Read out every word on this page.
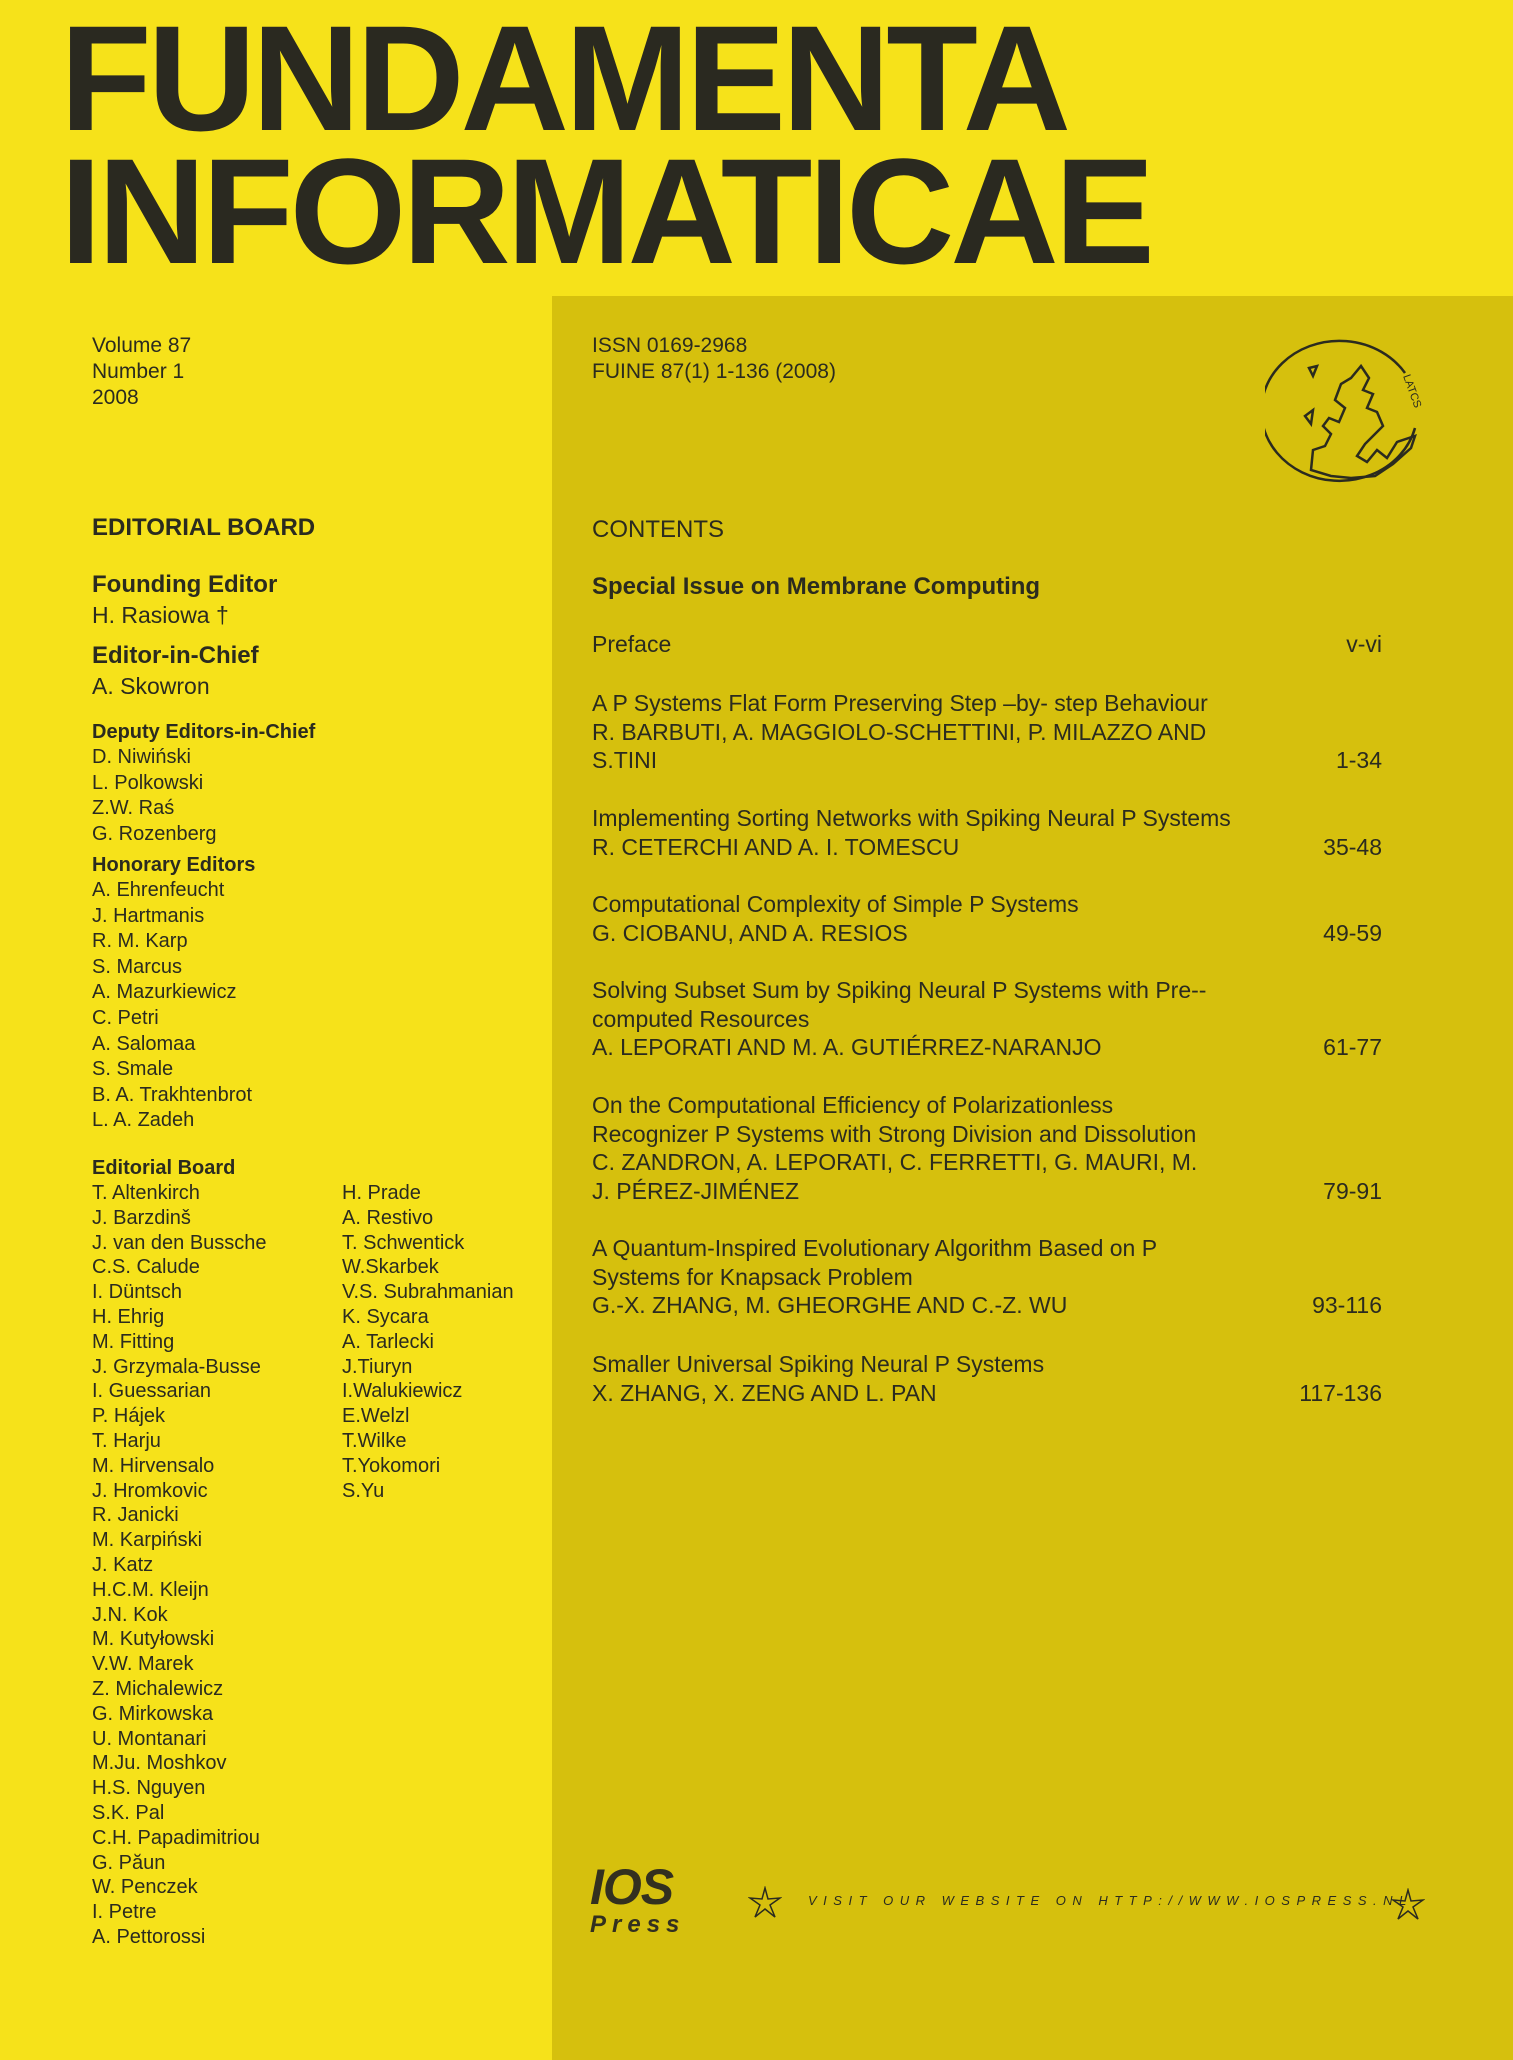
FUNDAMENTA
INFORMATICAE
Volume 87
Number 1
2008
ISSN 0169-2968
FUINE 87(1) 1-136 (2008)
LATCS
EDITORIAL BOARD
Founding Editor
H. Rasiowa †
Editor-in-Chief
A. Skowron
Deputy Editors-in-Chief
D. Niwiński
L. Polkowski
Z.W. Raś
G. Rozenberg
Honorary Editors
A. Ehrenfeucht
J. Hartmanis
R. M. Karp
S. Marcus
A. Mazurkiewicz
C. Petri
A. Salomaa
S. Smale
B. A. Trakhtenbrot
L. A. Zadeh
Editorial Board
T. Altenkirch
J. Barzdinš
J. van den Bussche
C.S. Calude
I. Düntsch
H. Ehrig
M. Fitting
J. Grzymala-Busse
I. Guessarian
P. Hájek
T. Harju
M. Hirvensalo
J. Hromkovic
R. Janicki
M. Karpiński
J. Katz
H.C.M. Kleijn
J.N. Kok
M. Kutyłowski
V.W. Marek
Z. Michalewicz
G. Mirkowska
U. Montanari
M.Ju. Moshkov
H.S. Nguyen
S.K. Pal
C.H. Papadimitriou
G. Păun
W. Penczek
I. Petre
A. Pettorossi
H. Prade
A. Restivo
T. Schwentick
W.Skarbek
V.S. Subrahmanian
K. Sycara
A. Tarlecki
J.Tiuryn
I.Walukiewicz
E.Welzl
T.Wilke
T.Yokomori
S.Yu
CONTENTS
Special Issue on Membrane Computing
Preface	v-vi
A P Systems Flat Form Preserving Step –by- step Behaviour
R. BARBUTI, A. MAGGIOLO-SCHETTINI, P. MILAZZO AND
S.TINI	1-34
Implementing Sorting Networks with Spiking Neural P Systems
R. CETERCHI AND A. I. TOMESCU	35-48
Computational Complexity of Simple P Systems
G. CIOBANU, AND A. RESIOS	49-59
Solving Subset Sum by Spiking Neural P Systems with Pre--
computed Resources
A. LEPORATI AND M. A. GUTIÉRREZ-NARANJO	61-77
On the Computational Efficiency of Polarizationless
Recognizer P Systems with Strong Division and Dissolution
C. ZANDRON, A. LEPORATI, C. FERRETTI, G. MAURI, M.
J. PÉREZ-JIMÉNEZ	79-91
A Quantum-Inspired Evolutionary Algorithm Based on P
Systems for Knapsack Problem
G.-X. ZHANG, M. GHEORGHE AND C.-Z. WU	93-116
Smaller Universal Spiking Neural P Systems
X. ZHANG, X. ZENG AND L. PAN	117-136
IOS
Press
VISIT OUR WEBSITE ON HTTP://WWW.IOSPRESS.NL
